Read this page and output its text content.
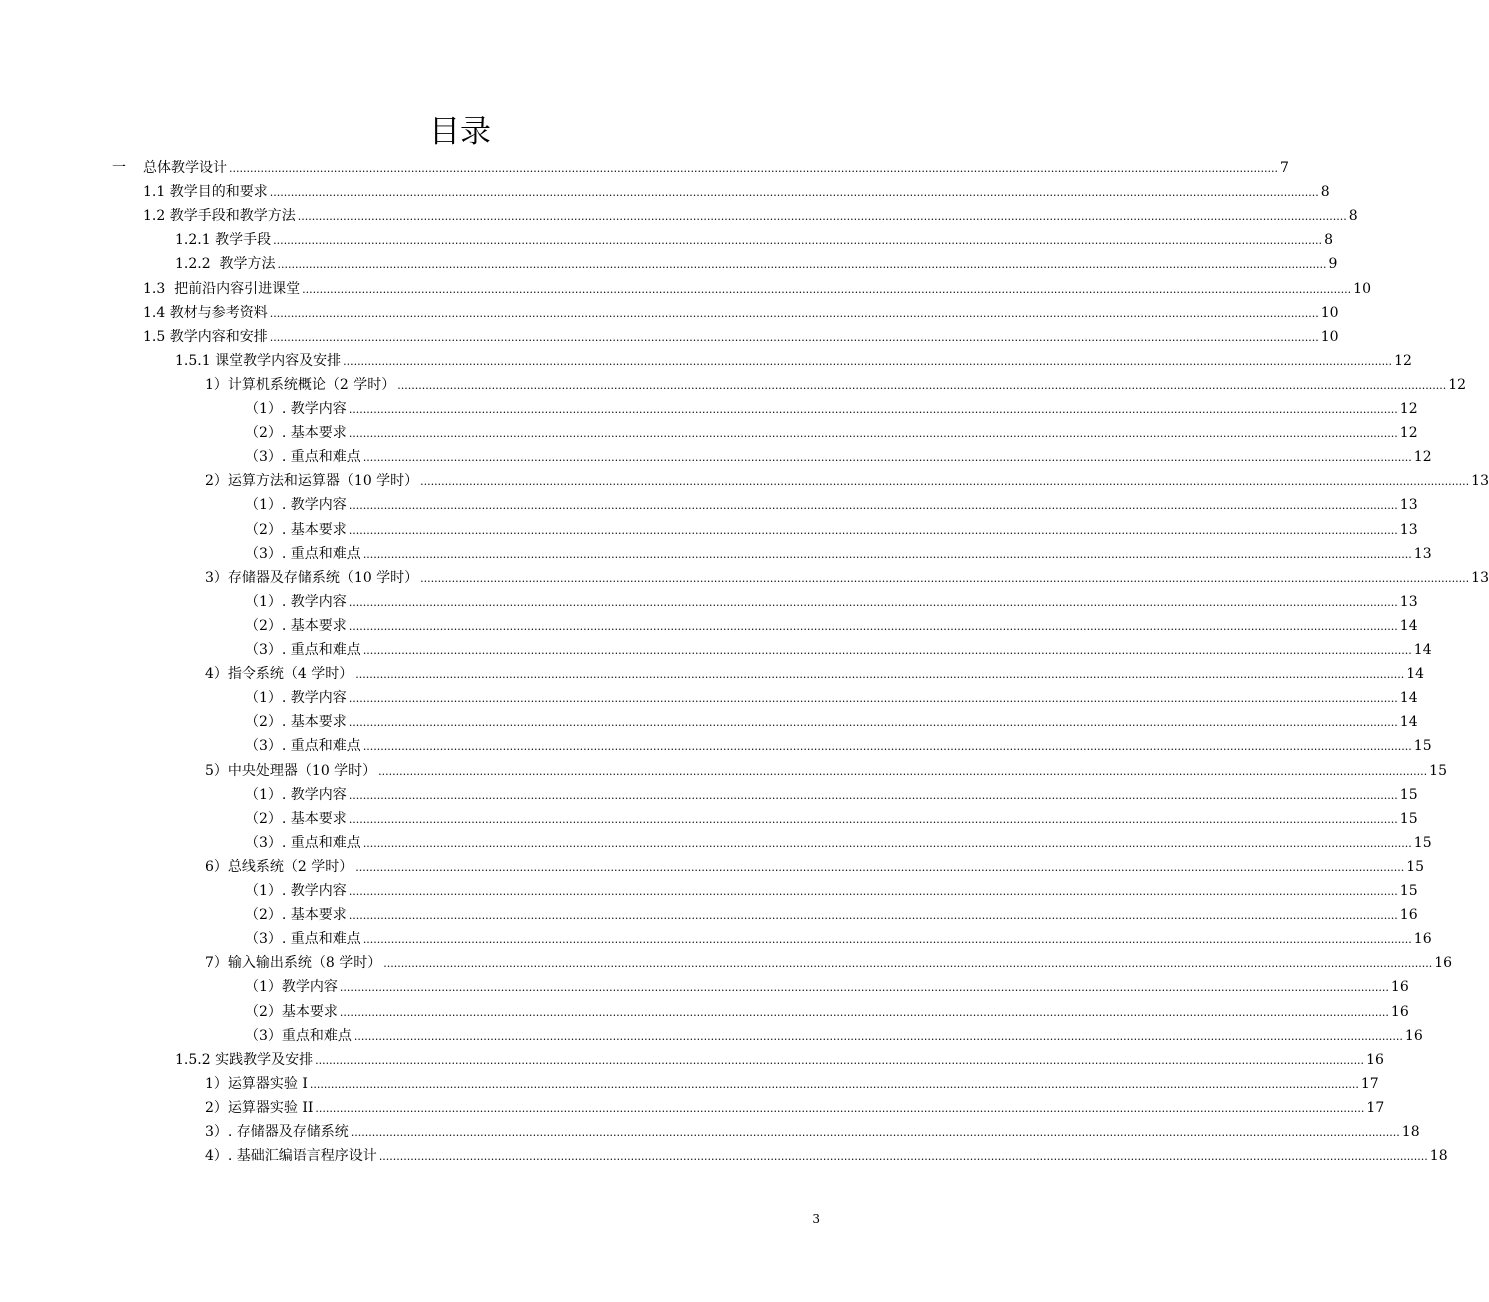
目录
一 总体教学设计 ............................................................................................................................................................................................................................................................................................................ 7
1.1 教学目的和要求 ............................................................................................................................................................................................................................................................................................................ 8
1.2 教学手段和教学方法 ............................................................................................................................................................................................................................................................................................................ 8
1.2.1 教学手段 ............................................................................................................................................................................................................................................................................................................ 8
1.2.2  教学方法 ............................................................................................................................................................................................................................................................................................................ 9
1.3  把前沿内容引进课堂 ............................................................................................................................................................................................................................................................................................................ 10
1.4 教材与参考资料 ............................................................................................................................................................................................................................................................................................................ 10
1.5 教学内容和安排 ............................................................................................................................................................................................................................................................................................................ 10
1.5.1 课堂教学内容及安排 ............................................................................................................................................................................................................................................................................................................ 12
1）计算机系统概论（2 学时） ............................................................................................................................................................................................................................................................................................................ 12
（1）. 教学内容 ............................................................................................................................................................................................................................................................................................................ 12
（2）. 基本要求 ............................................................................................................................................................................................................................................................................................................ 12
（3）. 重点和难点 ............................................................................................................................................................................................................................................................................................................ 12
2）运算方法和运算器（10 学时） ............................................................................................................................................................................................................................................................................................................ 13
（1）. 教学内容 ............................................................................................................................................................................................................................................................................................................ 13
（2）. 基本要求 ............................................................................................................................................................................................................................................................................................................ 13
（3）. 重点和难点 ............................................................................................................................................................................................................................................................................................................ 13
3）存储器及存储系统（10 学时） ............................................................................................................................................................................................................................................................................................................ 13
（1）. 教学内容 ............................................................................................................................................................................................................................................................................................................ 13
（2）. 基本要求 ............................................................................................................................................................................................................................................................................................................ 14
（3）. 重点和难点 ............................................................................................................................................................................................................................................................................................................ 14
4）指令系统（4 学时） ............................................................................................................................................................................................................................................................................................................ 14
（1）. 教学内容 ............................................................................................................................................................................................................................................................................................................ 14
（2）. 基本要求 ............................................................................................................................................................................................................................................................................................................ 14
（3）. 重点和难点 ............................................................................................................................................................................................................................................................................................................ 15
5）中央处理器（10 学时） ............................................................................................................................................................................................................................................................................................................ 15
（1）. 教学内容 ............................................................................................................................................................................................................................................................................................................ 15
（2）. 基本要求 ............................................................................................................................................................................................................................................................................................................ 15
（3）. 重点和难点 ............................................................................................................................................................................................................................................................................................................ 15
6）总线系统（2 学时） ............................................................................................................................................................................................................................................................................................................ 15
（1）. 教学内容 ............................................................................................................................................................................................................................................................................................................ 15
（2）. 基本要求 ............................................................................................................................................................................................................................................................................................................ 16
（3）. 重点和难点 ............................................................................................................................................................................................................................................................................................................ 16
7）输入输出系统（8 学时） ............................................................................................................................................................................................................................................................................................................ 16
（1）教学内容 ............................................................................................................................................................................................................................................................................................................ 16
（2）基本要求 ............................................................................................................................................................................................................................................................................................................ 16
（3）重点和难点 ............................................................................................................................................................................................................................................................................................................ 16
1.5.2 实践教学及安排 ............................................................................................................................................................................................................................................................................................................ 16
1）运算器实验 I ............................................................................................................................................................................................................................................................................................................ 17
2）运算器实验 II ............................................................................................................................................................................................................................................................................................................ 17
3）. 存储器及存储系统 ............................................................................................................................................................................................................................................................................................................ 18
4）. 基础汇编语言程序设计 ............................................................................................................................................................................................................................................................................................................ 18
3
